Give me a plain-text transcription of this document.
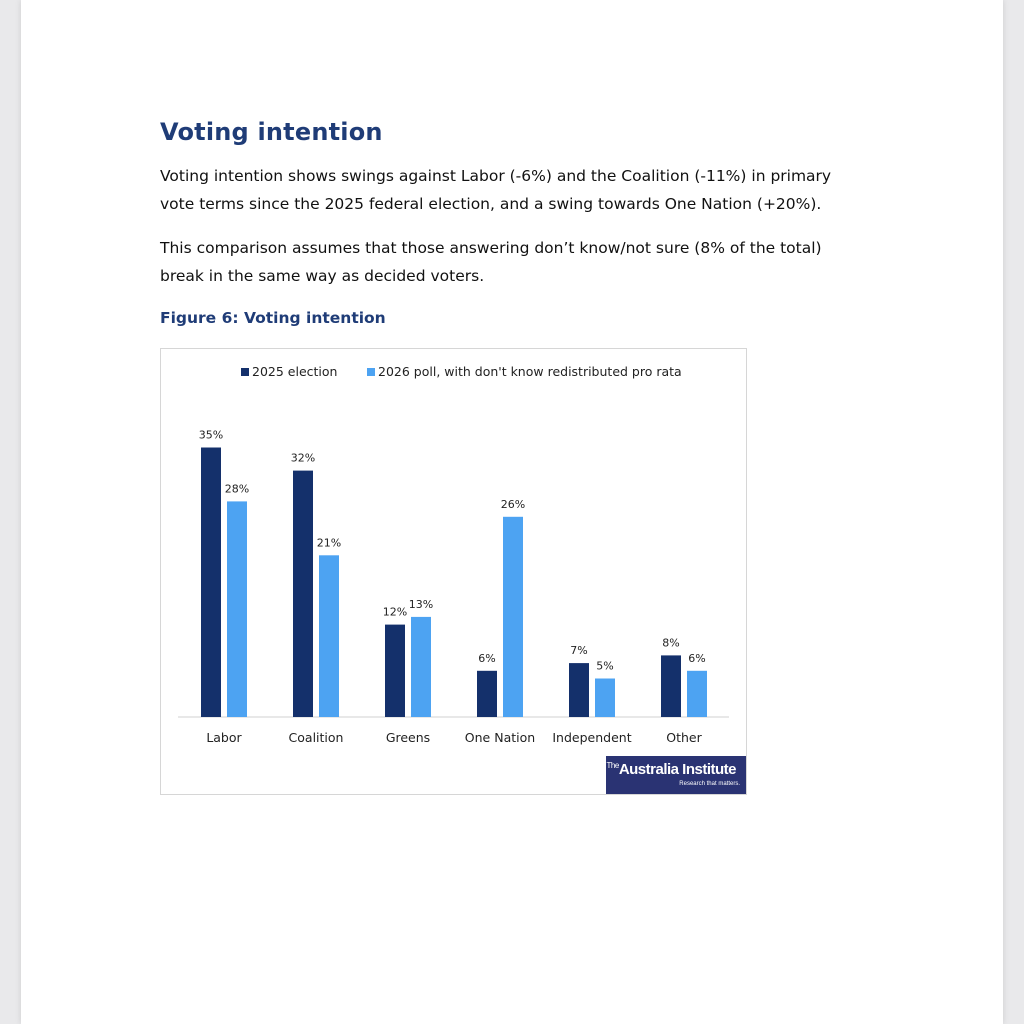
Voting intention

Voting intention shows swings against Labor (-6%) and the Coalition (-11%) in primary vote terms since the 2025 federal election, and a swing towards One Nation (+20%).

This comparison assumes that those answering don’t know/not sure (8% of the total) break in the same way as decided voters.

Figure 6: Voting intention

2025 election	2026 poll, with don't know redistributed pro rata
35%
28%
Labor
32%
21%
Coalition
12%
13%
Greens
6%
26%
One Nation
7%
5%
Independent
8%
6%
Other
$^{The}$Australia Institute
Research that matters.
